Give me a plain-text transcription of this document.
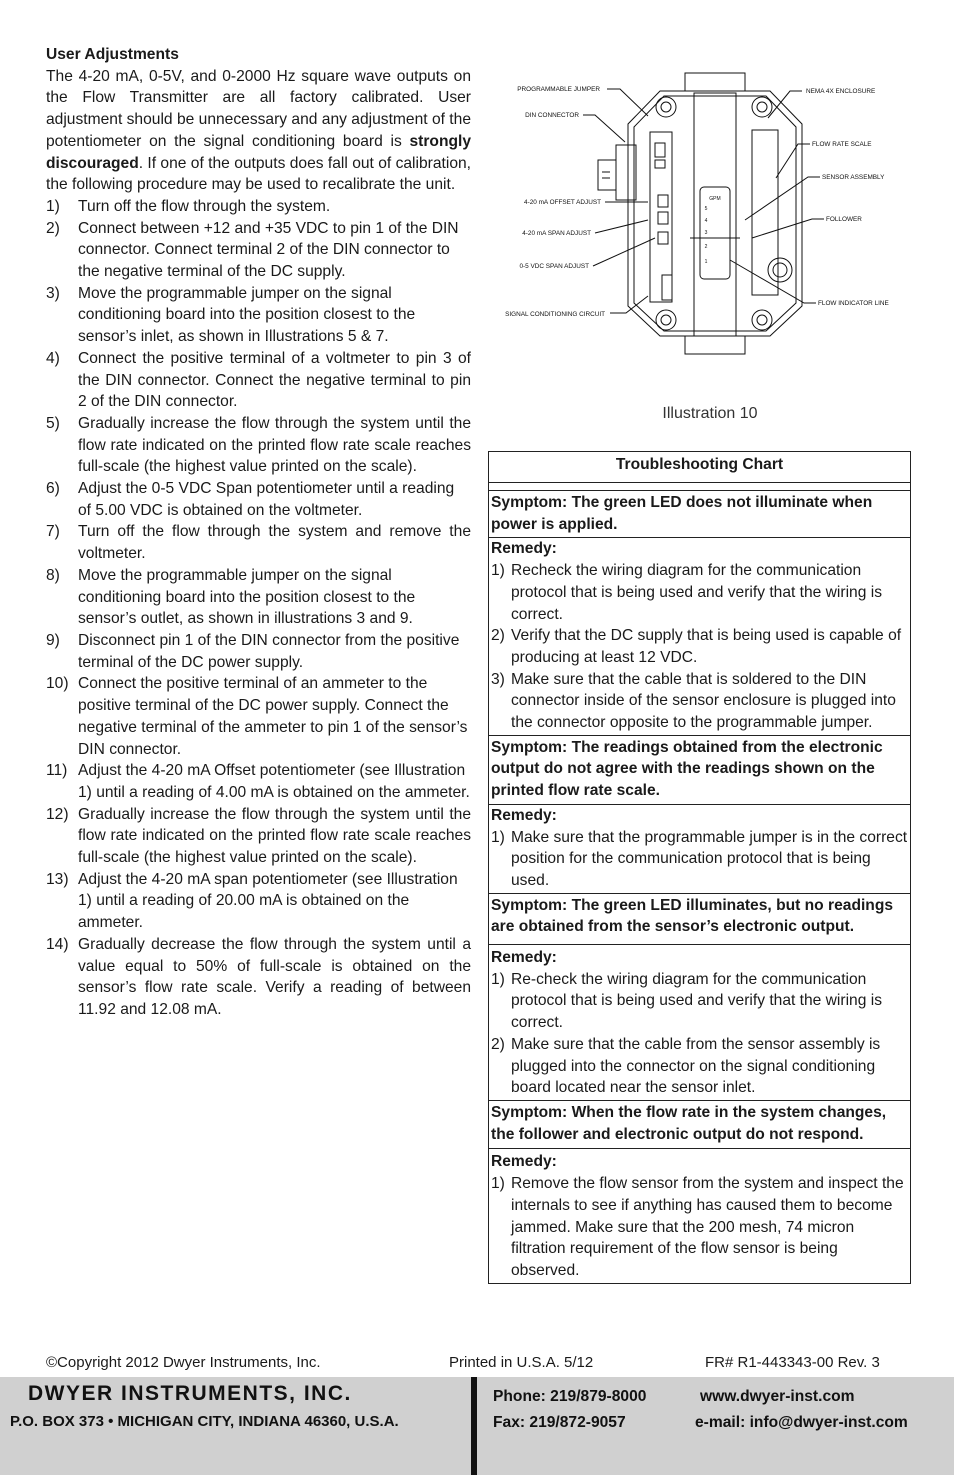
User Adjustments
The 4-20 mA, 0-5V, and 0-2000 Hz square wave outputs on the Flow Transmitter are all factory calibrated. User adjustment should be unnecessary and any adjustment of the potentiometer on the signal conditioning board is strongly discouraged. If one of the outputs does fall out of calibration, the following procedure may be used to recalibrate the unit.
1)	Turn off the flow through the system.
2)	Connect between +12 and +35 VDC to pin 1 of the DIN connector. Connect terminal 2 of the DIN connector to the negative terminal of the DC supply.
3)	Move the programmable jumper on the signal conditioning board into the position closest to the sensor’s inlet, as shown in Illustrations 5 & 7.
4)	Connect the positive terminal of a voltmeter to pin 3 of the DIN connector. Connect the negative terminal to pin 2 of the DIN connector.
5)	Gradually increase the flow through the system until the flow rate indicated on the printed flow rate scale reaches full-scale (the highest value printed on the scale).
6)	Adjust the 0-5 VDC Span potentiometer until a reading of 5.00 VDC is obtained on the voltmeter.
7)	Turn off the flow through the system and remove the voltmeter.
8)	Move the programmable jumper on the signal conditioning board into the position closest to the sensor’s outlet, as shown in illustrations 3 and 9.
9)	Disconnect pin 1 of the DIN connector from the positive terminal of the DC power supply.
10) Connect the positive terminal of an ammeter to the positive terminal of the DC power supply. Connect the negative terminal of the ammeter to pin 1 of the sensor’s DIN connector.
11) Adjust the 4-20 mA Offset potentiometer (see Illustration 1) until a reading of 4.00 mA is obtained on the ammeter.
12) Gradually increase the flow through the system until the flow rate indicated on the printed flow rate scale reaches full-scale (the highest value printed on the scale).
13) Adjust the 4-20 mA span potentiometer (see Illustration 1) until a reading of 20.00 mA is obtained on the ammeter.
14) Gradually decrease the flow through the system until a value equal to 50% of full-scale is obtained on the sensor’s flow rate scale. Verify a reading of between 11.92 and 12.08 mA.
PROGRAMMABLE JUMPER
DIN CONNECTOR
4-20 mA OFFSET ADJUST
4-20 mA SPAN ADJUST
0-5 VDC SPAN ADJUST
SIGNAL CONDITIONING CIRCUIT
NEMA 4X ENCLOSURE
FLOW RATE SCALE
SENSOR ASSEMBLY
FOLLOWER
FLOW INDICATOR LINE
GPM
5
4
3
2
1
Illustration 10
Troubleshooting Chart
Symptom: The green LED does not illuminate when power is applied.
Remedy:
1) Recheck the wiring diagram for the communication protocol that is being used and verify that the wiring is correct.
2) Verify that the DC supply that is being used is capable of producing at least 12 VDC.
3) Make sure that the cable that is soldered to the DIN connector inside of the sensor enclosure is plugged into the connector opposite to the programmable jumper.
Symptom: The readings obtained from the electronic output do not agree with the readings shown on the printed flow rate scale.
Remedy:
1) Make sure that the programmable jumper is in the correct position for the communication protocol that is being used.
Symptom: The green LED illuminates, but no readings are obtained from the sensor’s electronic output.
Remedy:
1) Re-check the wiring diagram for the communication protocol that is being used and verify that the wiring is correct.
2) Make sure that the cable from the sensor assembly is plugged into the connector on the signal conditioning board located near the sensor inlet.
Symptom: When the flow rate in the system changes, the follower and electronic output do not respond.
Remedy:
1) Remove the flow sensor from the system and inspect the internals to see if anything has caused them to become jammed. Make sure that the 200 mesh, 74 micron filtration requirement of the flow sensor is being observed.
©Copyright 2012 Dwyer Instruments, Inc.	Printed in U.S.A. 5/12	FR# R1-443343-00 Rev. 3
DWYER INSTRUMENTS, INC.
P.O. BOX 373 • MICHIGAN CITY, INDIANA 46360, U.S.A.
Phone: 219/879-8000
Fax: 219/872-9057
www.dwyer-inst.com
e-mail: info@dwyer-inst.com
